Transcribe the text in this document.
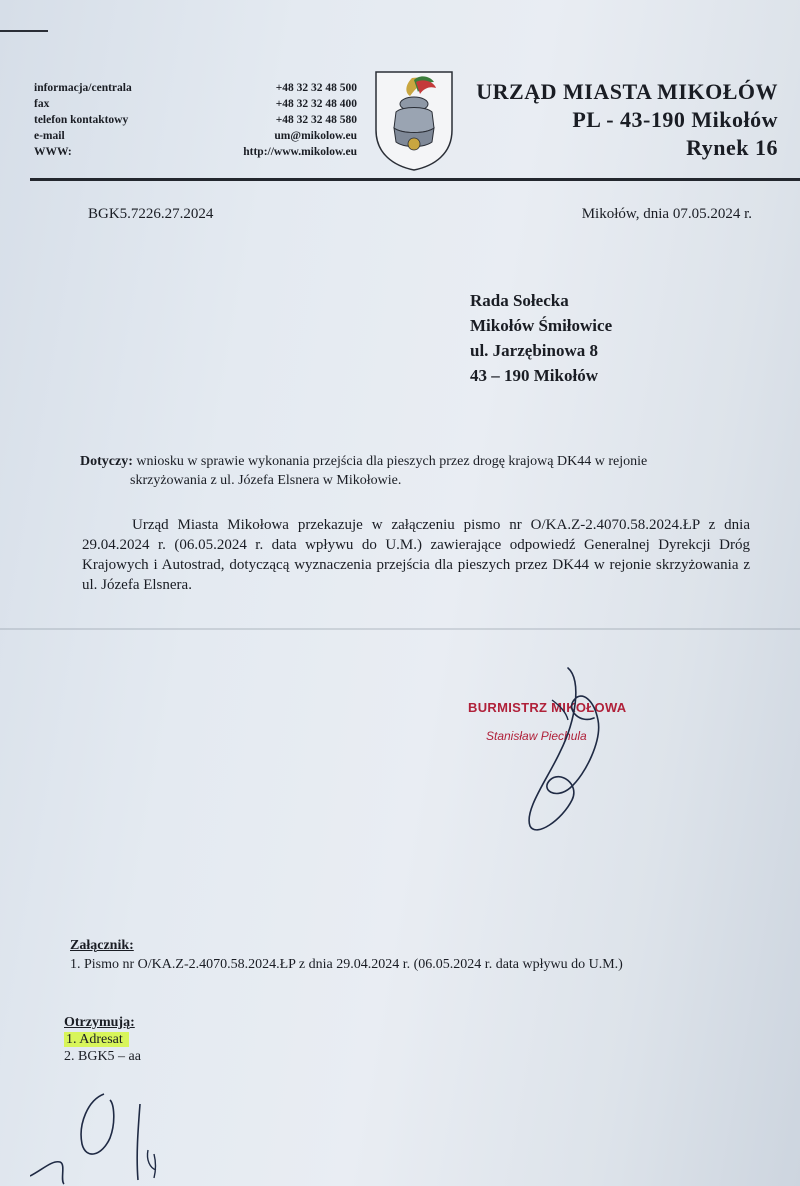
informacja/centrala
fax
telefon kontaktowy
e-mail
WWW:
+48 32 32 48 500
+48 32 32 48 400
+48 32 32 48 580
um@mikolow.eu
http://www.mikolow.eu
URZĄD MIASTA MIKOŁÓW
PL - 43-190 Mikołów
Rynek 16
BGK5.7226.27.2024	Mikołów, dnia 07.05.2024 r.
Rada Sołecka
Mikołów Śmiłowice
ul. Jarzębinowa 8
43 – 190 Mikołów
Dotyczy: wniosku w sprawie wykonania przejścia dla pieszych przez drogę krajową DK44 w rejonie
skrzyżowania z ul. Józefa Elsnera w Mikołowie.

Urząd Miasta Mikołowa przekazuje w załączeniu pismo nr O/KA.Z-2.4070.58.2024.ŁP z dnia 29.04.2024 r. (06.05.2024 r. data wpływu do U.M.) zawierające odpowiedź Generalnej Dyrekcji Dróg Krajowych i Autostrad, dotyczącą wyznaczenia przejścia dla pieszych przez DK44 w rejonie skrzyżowania z ul. Józefa Elsnera.

BURMISTRZ MIKOŁOWA
Stanisław Piechula
Załącznik:
1. Pismo nr O/KA.Z-2.4070.58.2024.ŁP z dnia 29.04.2024 r. (06.05.2024 r. data wpływu do U.M.)
Otrzymują:
1. Adresat
2. BGK5 – aa
